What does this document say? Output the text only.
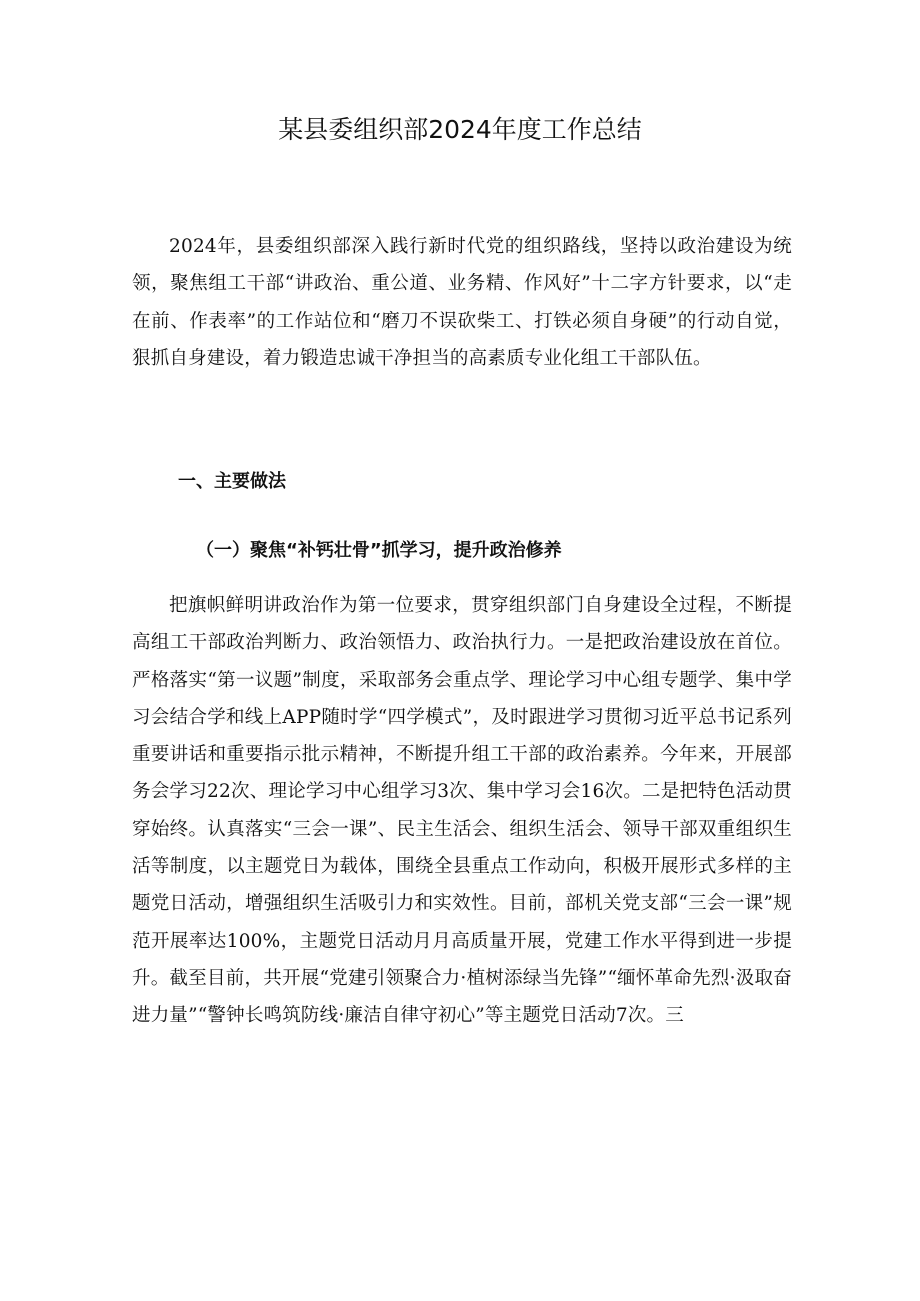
某县委组织部2024年度工作总结

2024年，县委组织部深入践行新时代党的组织路线，坚持以政治建设为统领，聚焦组工干部“讲政治、重公道、业务精、作风好”十二字方针要求，以“走在前、作表率”的工作站位和“磨刀不误砍柴工、打铁必须自身硬”的行动自觉，狠抓自身建设，着力锻造忠诚干净担当的高素质专业化组工干部队伍。

一、主要做法
（一）聚焦“补钙壮骨”抓学习，提升政治修养

把旗帜鲜明讲政治作为第一位要求，贯穿组织部门自身建设全过程，不断提高组工干部政治判断力、政治领悟力、政治执行力。一是把政治建设放在首位。严格落实“第一议题”制度，采取部务会重点学、理论学习中心组专题学、集中学习会结合学和线上APP随时学“四学模式”，及时跟进学习贯彻习近平总书记系列重要讲话和重要指示批示精神，不断提升组工干部的政治素养。今年来，开展部务会学习22次、理论学习中心组学习3次、集中学习会16次。二是把特色活动贯穿始终。认真落实“三会一课”、民主生活会、组织生活会、领导干部双重组织生活等制度，以主题党日为载体，围绕全县重点工作动向，积极开展形式多样的主题党日活动，增强组织生活吸引力和实效性。目前，部机关党支部“三会一课”规范开展率达100%，主题党日活动月月高质量开展，党建工作水平得到进一步提升。截至目前，共开展“党建引领聚合力·植树添绿当先锋”“缅怀革命先烈·汲取奋进力量”“警钟长鸣筑防线·廉洁自律守初心”等主题党日活动7次。三
